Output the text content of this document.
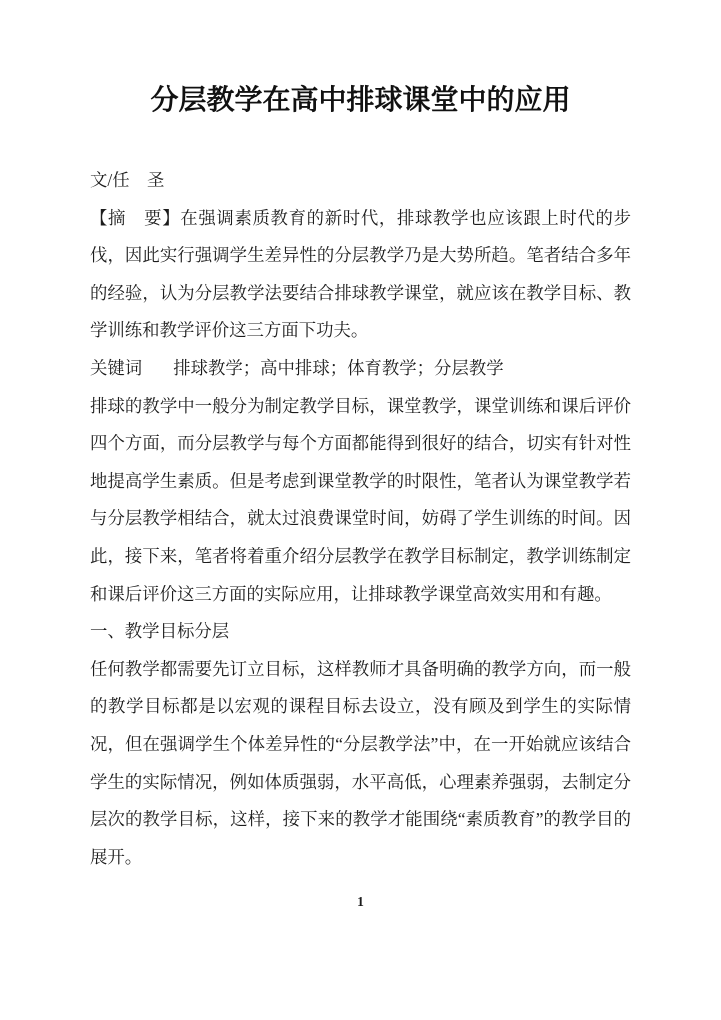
分层教学在高中排球课堂中的应用

文/任　圣

【摘　要】在强调素质教育的新时代，排球教学也应该跟上时代的步伐，因此实行强调学生差异性的分层教学乃是大势所趋。笔者结合多年的经验，认为分层教学法要结合排球教学课堂，就应该在教学目标、教学训练和教学评价这三方面下功夫。

关键词 排球教学；高中排球；体育教学；分层教学

排球的教学中一般分为制定教学目标，课堂教学，课堂训练和课后评价四个方面，而分层教学与每个方面都能得到很好的结合，切实有针对性地提高学生素质。但是考虑到课堂教学的时限性，笔者认为课堂教学若与分层教学相结合，就太过浪费课堂时间，妨碍了学生训练的时间。因此，接下来，笔者将着重介绍分层教学在教学目标制定，教学训练制定和课后评价这三方面的实际应用，让排球教学课堂高效实用和有趣。

一、教学目标分层

任何教学都需要先订立目标，这样教师才具备明确的教学方向，而一般的教学目标都是以宏观的课程目标去设立，没有顾及到学生的实际情况，但在强调学生个体差异性的“分层教学法”中，在一开始就应该结合学生的实际情况，例如体质强弱，水平高低，心理素养强弱，去制定分层次的教学目标，这样，接下来的教学才能围绕“素质教育”的教学目的展开。

1
